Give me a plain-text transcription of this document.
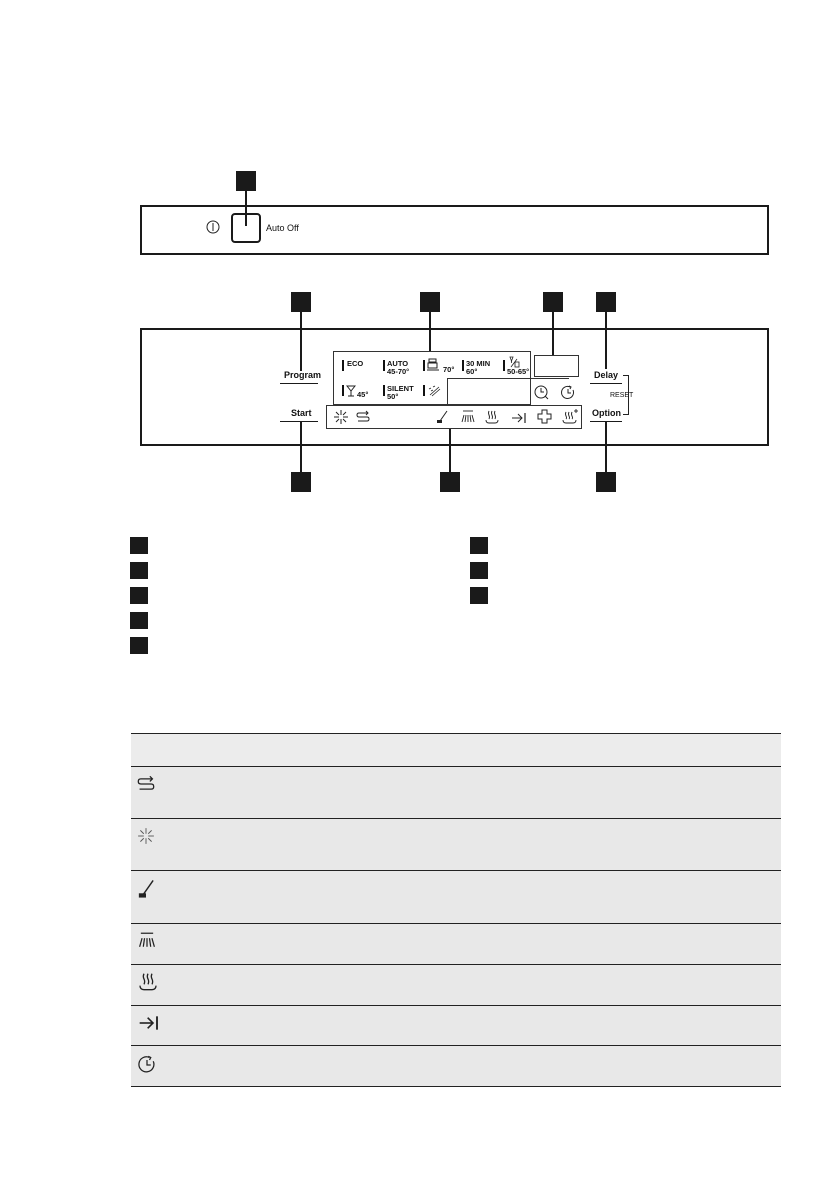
Auto Off
Program
Start
Delay
Option
RESET
ECO	AUTO
45-70°	70°
30 MIN
60°	50-65°
45°
SILENT
50°
